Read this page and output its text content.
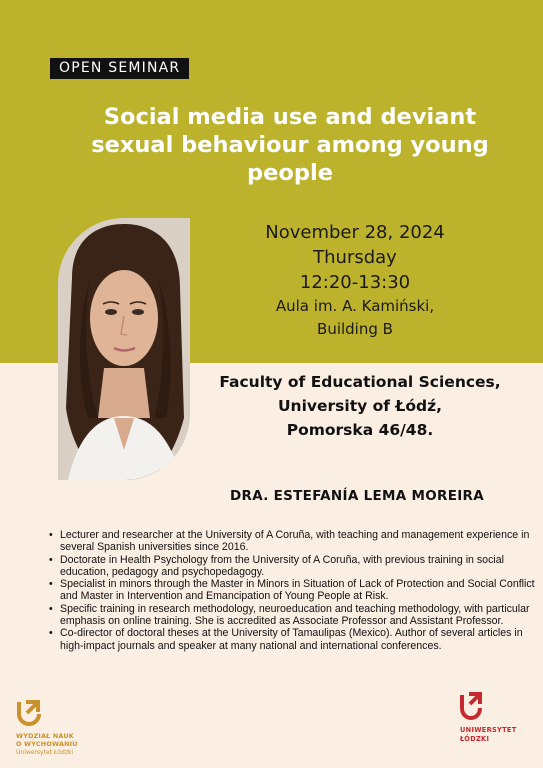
OPEN SEMINAR
Social media use and deviant sexual behaviour among young people
November 28, 2024
Thursday
12:20-13:30
Aula im. A. Kamiński,
Building B
Faculty of Educational Sciences,
University of Łódź,
Pomorska 46/48.
DRA. ESTEFANÍA LEMA MOREIRA
• Lecturer and researcher at the University of A Coruña, with teaching and management experience in several Spanish universities since 2016.
• Doctorate in Health Psychology from the University of A Coruña, with previous training in social education, pedagogy and psychopedagogy.
• Specialist in minors through the Master in Minors in Situation of Lack of Protection and Social Conflict and Master in Intervention and Emancipation of Young People at Risk.
• Specific training in research methodology, neuroeducation and teaching methodology, with particular emphasis on online training. She is accredited as Associate Professor and Assistant Professor.
• Co-director of doctoral theses at the University of Tamaulipas (Mexico). Author of several articles in high-impact journals and speaker at many national and international conferences.
WYDZIAŁ NAUK
O WYCHOWANIU
Uniwersytet Łódzki
UNIWERSYTET
ŁÓDZKI
